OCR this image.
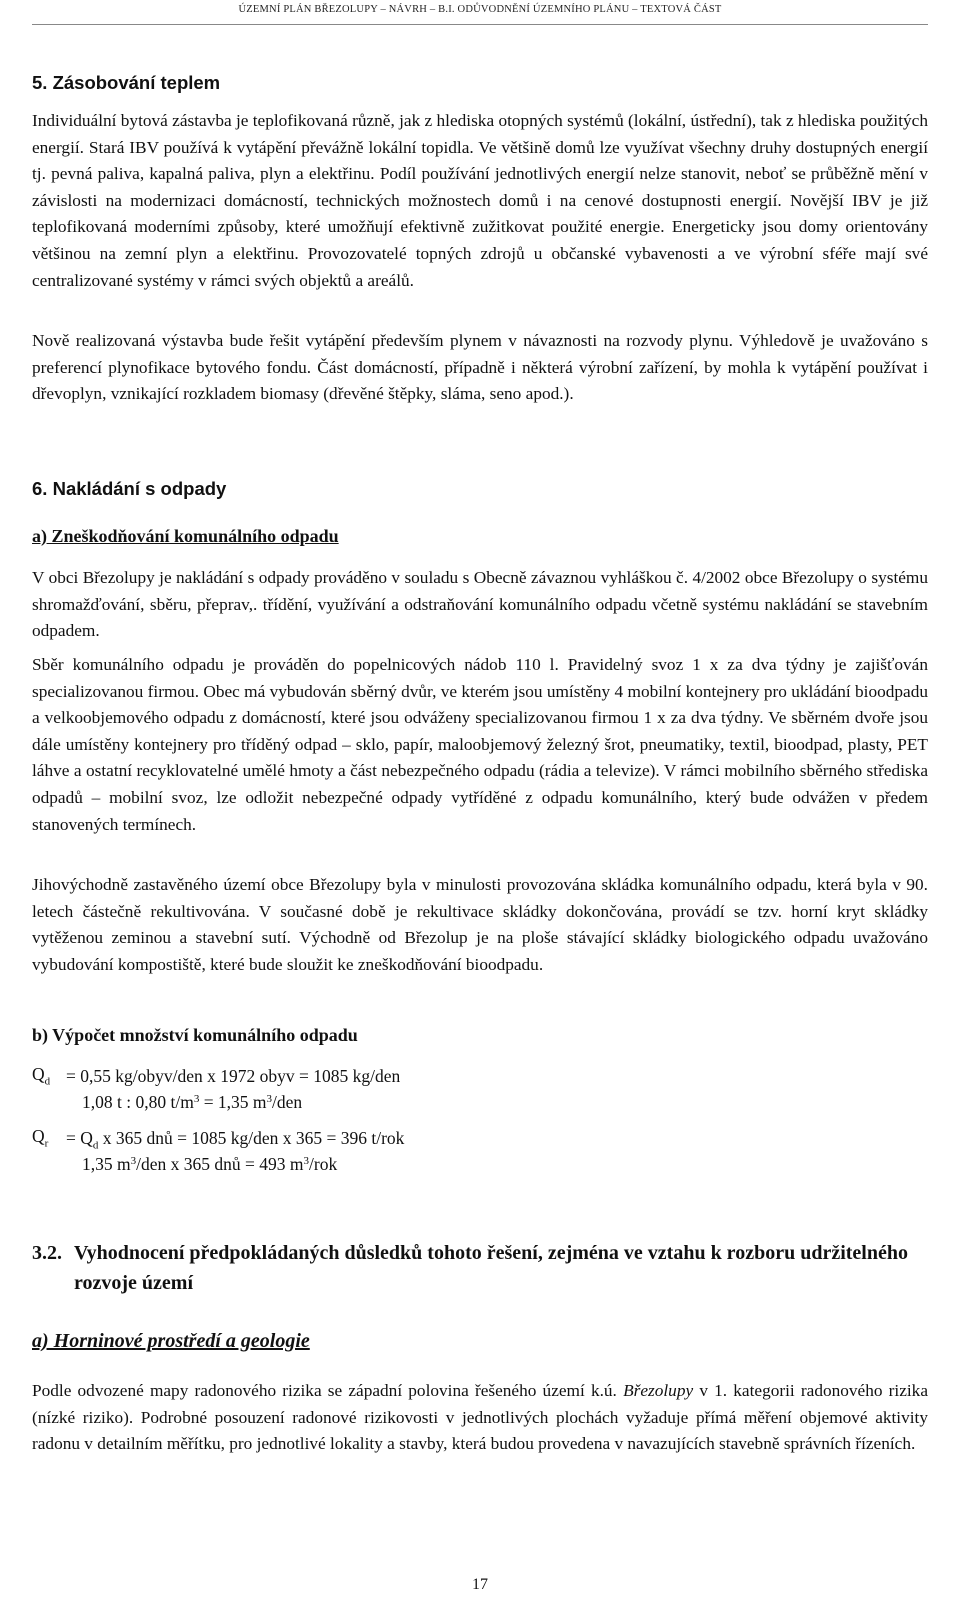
ÚZEMNÍ PLÁN BŘEZOLUPY – NÁVRH – B.I. ODŮVODNĚNÍ ÚZEMNÍHO PLÁNU – TEXTOVÁ ČÁST
5. Zásobování teplem
Individuální bytová zástavba je teplofikovaná různě, jak z hlediska otopných systémů (lokální, ústřední), tak z hlediska použitých energií. Stará IBV používá k vytápění převážně lokální topidla. Ve většině domů lze využívat všechny druhy dostupných energií tj. pevná paliva, kapalná paliva, plyn a elektřinu. Podíl používání jednotlivých energií nelze stanovit, neboť se průběžně mění v závislosti na modernizaci domácností, technických možnostech domů i na cenové dostupnosti energií. Novější IBV je již teplofikovaná moderními způsoby, které umožňují efektivně zužitkovat použité energie. Energeticky jsou domy orientovány většinou na zemní plyn a elektřinu. Provozovatelé topných zdrojů u občanské vybavenosti a ve výrobní sféře mají své centralizované systémy v rámci svých objektů a areálů.
Nově realizovaná výstavba bude řešit vytápění především plynem v návaznosti na rozvody plynu. Výhledově je uvažováno s preferencí plynofikace bytového fondu. Část domácností, případně i některá výrobní zařízení, by mohla k vytápění používat i dřevoplyn, vznikající rozkladem biomasy (dřevěné štěpky, sláma, seno apod.).
6. Nakládání s odpady
a) Zneškodňování komunálního odpadu
V obci Březolupy je nakládání s odpady prováděno v souladu s Obecně závaznou vyhláškou č. 4/2002 obce Březolupy o systému shromažďování, sběru, přeprav,. třídění, využívání a odstraňování komunálního odpadu včetně systému nakládání se stavebním odpadem.
Sběr komunálního odpadu je prováděn do popelnicových nádob 110 l. Pravidelný svoz 1 x za dva týdny je zajišťován specializovanou firmou. Obec má vybudován sběrný dvůr, ve kterém jsou umístěny 4 mobilní kontejnery pro ukládání bioodpadu a velkoobjemového odpadu z domácností, které jsou odváženy specializovanou firmou 1 x za dva týdny. Ve sběrném dvoře jsou dále umístěny kontejnery pro tříděný odpad – sklo, papír, maloobjemový železný šrot, pneumatiky, textil, bioodpad, plasty, PET láhve a ostatní recyklovatelné umělé hmoty a část nebezpečného odpadu (rádia a televize). V rámci mobilního sběrného střediska odpadů – mobilní svoz, lze odložit nebezpečné odpady vytříděné z odpadu komunálního, který bude odvážen v předem stanovených termínech.
Jihovýchodně zastavěného území obce Březolupy byla v minulosti provozována skládka komunálního odpadu, která byla v 90. letech částečně rekultivována. V současné době je rekultivace skládky dokončována, provádí se tzv. horní kryt skládky vytěženou zeminou a stavební sutí. Východně od Březolup je na ploše stávající skládky biologického odpadu uvažováno vybudování kompostiště, které bude sloužit ke zneškodňování bioodpadu.
b) Výpočet množství komunálního odpadu
$Q_d = 0,55$ kg/obyv/den x 1972 obyv = 1085 kg/den
1,08 t : 0,80 $t/m^3 = 1,35$ $m^3$/den
$Q_r = Q_d$ x 365 dnů = 1085 kg/den x 365 = 396 t/rok
1,35 $m^3$/den x 365 dnů = 493 $m^3$/rok
3.2. Vyhodnocení předpokládaných důsledků tohoto řešení, zejména ve vztahu k rozboru udržitelného rozvoje území
a) Horninové prostředí a geologie
Podle odvozené mapy radonového rizika se západní polovina řešeného území k.ú. Březolupy v 1. kategorii radonového rizika (nízké riziko). Podrobné posouzení radonové rizikovosti v jednotlivých plochách vyžaduje přímá měření objemové aktivity radonu v detailním měřítku, pro jednotlivé lokality a stavby, která budou provedena v navazujících stavebně správních řízeních.
17
